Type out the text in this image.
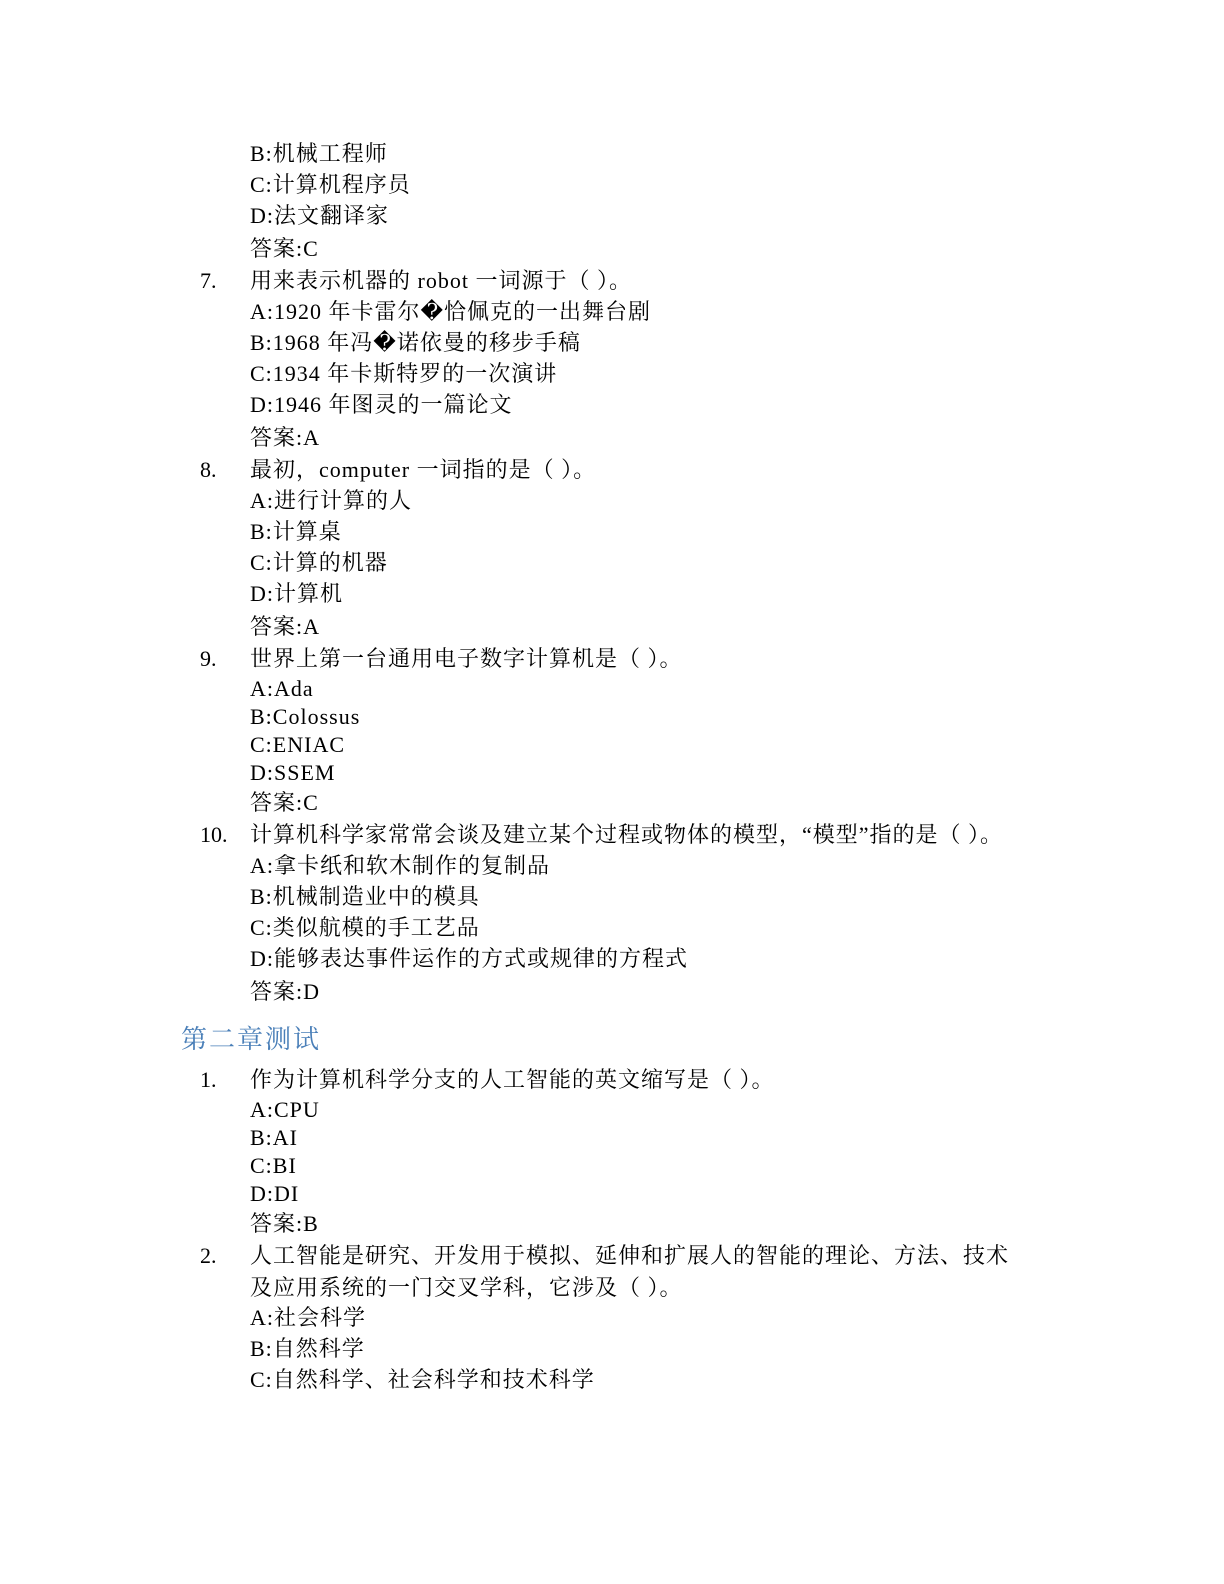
B:机械工程师
C:计算机程序员
D:法文翻译家
答案:C
7. 用来表示机器的 robot 一词源于（ ）。
A:1920 年卡雷尔�恰佩克的一出舞台剧
B:1968 年冯�诺依曼的移步手稿
C:1934 年卡斯特罗的一次演讲
D:1946 年图灵的一篇论文
答案:A
8. 最初，computer 一词指的是（ ）。
A:进行计算的人
B:计算桌
C:计算的机器
D:计算机
答案:A
9. 世界上第一台通用电子数字计算机是（ ）。
A:Ada
B:Colossus
C:ENIAC
D:SSEM
答案:C
10. 计算机科学家常常会谈及建立某个过程或物体的模型，“模型”指的是（ ）。
A:拿卡纸和软木制作的复制品
B:机械制造业中的模具
C:类似航模的手工艺品
D:能够表达事件运作的方式或规律的方程式
答案:D
第二章测试
1. 作为计算机科学分支的人工智能的英文缩写是（ ）。
A:CPU
B:AI
C:BI
D:DI
答案:B
2. 人工智能是研究、开发用于模拟、延伸和扩展人的智能的理论、方法、技术
及应用系统的一门交叉学科，它涉及（ ）。
A:社会科学
B:自然科学
C:自然科学、社会科学和技术科学
